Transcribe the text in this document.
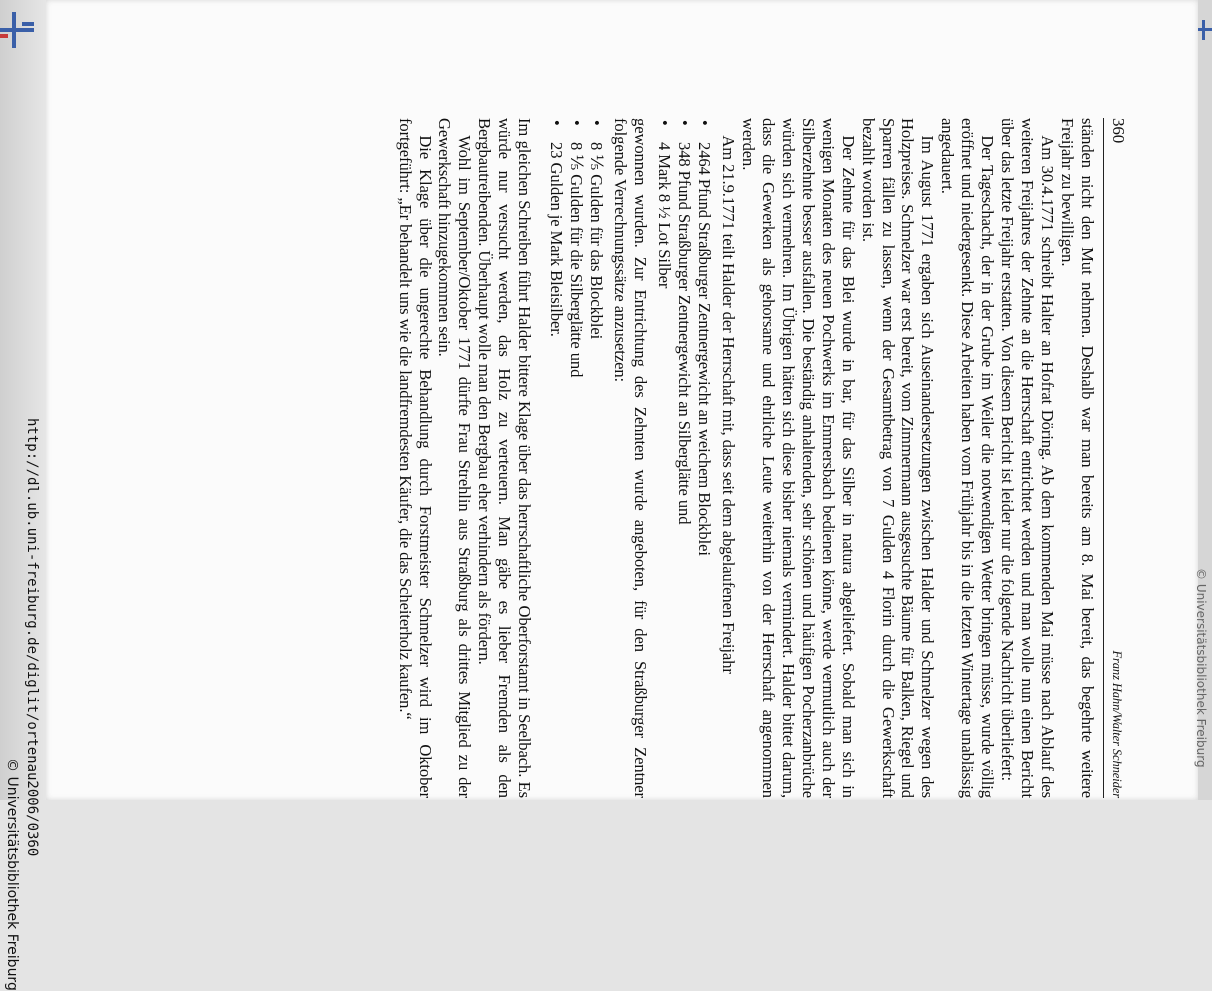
360
Franz Hahn/Walter Schneider

ständen nicht den Mut nehmen. Deshalb war man bereits am 8. Mai bereit, das begehrte weitere Freijahr zu bewilligen.

Am 30.4.1771 schreibt Halter an Hofrat Döring. Ab dem kommenden Mai müsse nach Ablauf des weiteren Freijahres der Zehnte an die Herrschaft entrichtet werden und man wolle nun einen Bericht über das letzte Freijahr erstatten. Von diesem Bericht ist leider nur die folgende Nachricht überliefert:

Der Tageschacht, der in der Grube im Weiler die notwendigen Wetter bringen müsse, wurde völlig eröffnet und niedergesenkt. Diese Arbeiten haben vom Frühjahr bis in die letzten Wintertage unablässig angedauert.

Im August 1771 ergaben sich Auseinandersetzungen zwischen Halder und Schmelzer wegen des Holzpreises. Schmelzer war erst bereit, vom Zimmermann ausgesuchte Bäume für Balken, Riegel und Sparren fällen zu lassen, wenn der Gesamtbetrag von 7 Gulden 4 Florin durch die Gewerkschaft bezahlt worden ist.

Der Zehnte für das Blei wurde in bar, für das Silber in natura abgeliefert. Sobald man sich in wenigen Monaten des neuen Pochwerks im Emmersbach bedienen könne, werde vermutlich auch der Silberzehnte besser ausfallen. Die beständig anhaltenden, sehr schönen und häufigen Pocherzanbrüche würden sich vermehren. Im Übrigen hätten sich diese bisher niemals vermindert. Halder bittet darum, dass die Gewerken als gehorsame und ehrliche Leute weiterhin von der Herrschaft angenommen werden.

Am 21.9.1771 teilt Halder der Herrschaft mit, dass seit dem abgelaufenen Freijahr

• 2464 Pfund Straßburger Zentnergewicht an weichem Blockblei
• 348 Pfund Straßburger Zentnergewicht an Silberglätte und
• 4 Mark 8 ½ Lot Silber

gewonnen wurden. Zur Entrichtung des Zehnten wurde angeboten, für den Straßburger Zentner folgende Verrechnungssätze anzusetzen:

• 8 ⅕ Gulden für das Blockblei
• 8 ⅕ Gulden für die Silberglätte und
• 23 Gulden je Mark Bleisilber.

Im gleichen Schreiben führt Halder bittere Klage über das herrschaftliche Oberforstamt in Seelbach. Es würde nur versucht werden, das Holz zu verteuern. Man gäbe es lieber Fremden als den Bergbautreibenden. Überhaupt wolle man den Bergbau eher verhindern als fördern.

Wohl im September/Oktober 1771 dürfte Frau Strehlin aus Straßburg als drittes Mitglied zu der Gewerkschaft hinzugekommen sein.

Die Klage über die ungerechte Behandlung durch Forstmeister Schmelzer wird im Oktober fortgeführt: „Er behandelt uns wie die landfremdesten Käufer, die das Scheiterholz kaufen.“

http://dl.ub.uni-freiburg.de/diglit/ortenau2006/0360
© Universitätsbibliothek Freiburg
© Universitätsbibliothek Freiburg
